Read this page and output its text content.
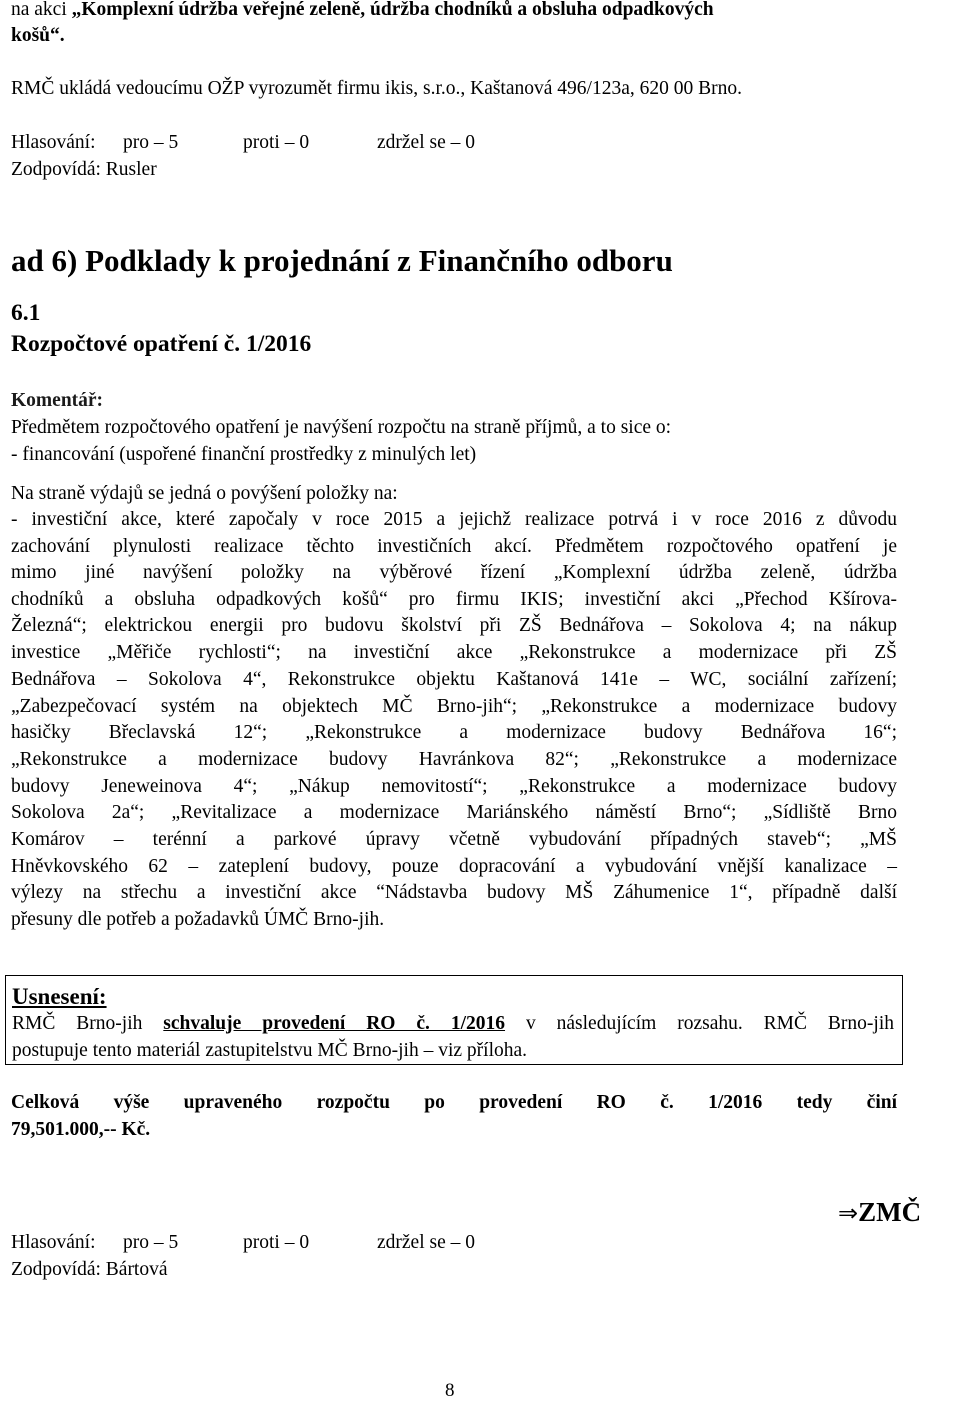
na akci „Komplexní údržba veřejné zeleně, údržba chodníků a obsluha odpadkových
košů“.
RMČ ukládá vedoucímu OŽP vyrozumět firmu ikis, s.r.o., Kaštanová 496/123a, 620 00 Brno.
Hlasování: pro – 5	proti – 0	zdržel se – 0
Zodpovídá: Rusler
ad 6) Podklady k projednání z Finančního odboru
6.1
Rozpočtové opatření č. 1/2016
Komentář:
Předmětem rozpočtového opatření je navýšení rozpočtu na straně příjmů, a to sice o:
- financování (uspořené finanční prostředky z minulých let)
Na straně výdajů se jedná o povýšení položky na:
- investiční akce, které započaly v roce 2015 a jejichž realizace potrvá i v roce 2016 z důvodu
zachování plynulosti realizace těchto investičních akcí. Předmětem rozpočtového opatření je
mimo jiné navýšení položky na výběrové řízení „Komplexní údržba zeleně, údržba
chodníků a obsluha odpadkových košů“ pro firmu IKIS; investiční akci „Přechod Kšírova-
Železná“; elektrickou energii pro budovu školství při ZŠ Bednářova – Sokolova 4; na nákup
investice „Měřiče rychlosti“; na investiční akce „Rekonstrukce a modernizace při ZŠ
Bednářova – Sokolova 4“, Rekonstrukce objektu Kaštanová 141e – WC, sociální zařízení;
„Zabezpečovací systém na objektech MČ Brno-jih“; „Rekonstrukce a modernizace budovy
hasičky Břeclavská 12“; „Rekonstrukce a modernizace budovy Bednářova 16“;
„Rekonstrukce a modernizace budovy Havránkova 82“; „Rekonstrukce a modernizace
budovy Jeneweinova 4“; „Nákup nemovitostí“; „Rekonstrukce a modernizace budovy
Sokolova 2a“; „Revitalizace a modernizace Mariánského náměstí Brno“; „Sídliště Brno
Komárov – terénní a parkové úpravy včetně vybudování případných staveb“; „MŠ
Hněvkovského 62 – zateplení budovy, pouze dopracování a vybudování vnější kanalizace –
výlezy na střechu a investiční akce “Nádstavba budovy MŠ Záhumenice 1“, případně další
přesuny dle potřeb a požadavků ÚMČ Brno-jih.
Usnesení:
RMČ Brno-jih schvaluje provedení RO č. 1/2016 v následujícím rozsahu. RMČ Brno-jih
postupuje tento materiál zastupitelstvu MČ Brno-jih – viz příloha.
Celková výše upraveného rozpočtu po provedení RO č. 1/2016 tedy činí
79,501.000,-- Kč.
⇒ZMČ
Hlasování: pro – 5	proti – 0	zdržel se – 0
Zodpovídá: Bártová
8
